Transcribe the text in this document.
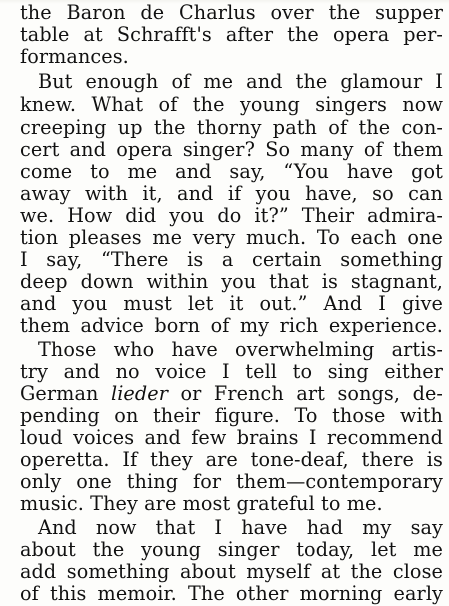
the Baron de Charlus over the supper
table at Schrafft's after the opera per-
formances.
But enough of me and the glamour I
knew. What of the young singers now
creeping up the thorny path of the con-
cert and opera singer? So many of them
come to me and say, “You have got
away with it, and if you have, so can
we. How did you do it?” Their admira-
tion pleases me very much. To each one
I say, “There is a certain something
deep down within you that is stagnant,
and you must let it out.” And I give
them advice born of my rich experience.
Those who have overwhelming artis-
try and no voice I tell to sing either
German lieder or French art songs, de-
pending on their figure. To those with
loud voices and few brains I recommend
operetta. If they are tone-deaf, there is
only one thing for them—contemporary
music. They are most grateful to me.
And now that I have had my say
about the young singer today, let me
add something about myself at the close
of this memoir. The other morning early
